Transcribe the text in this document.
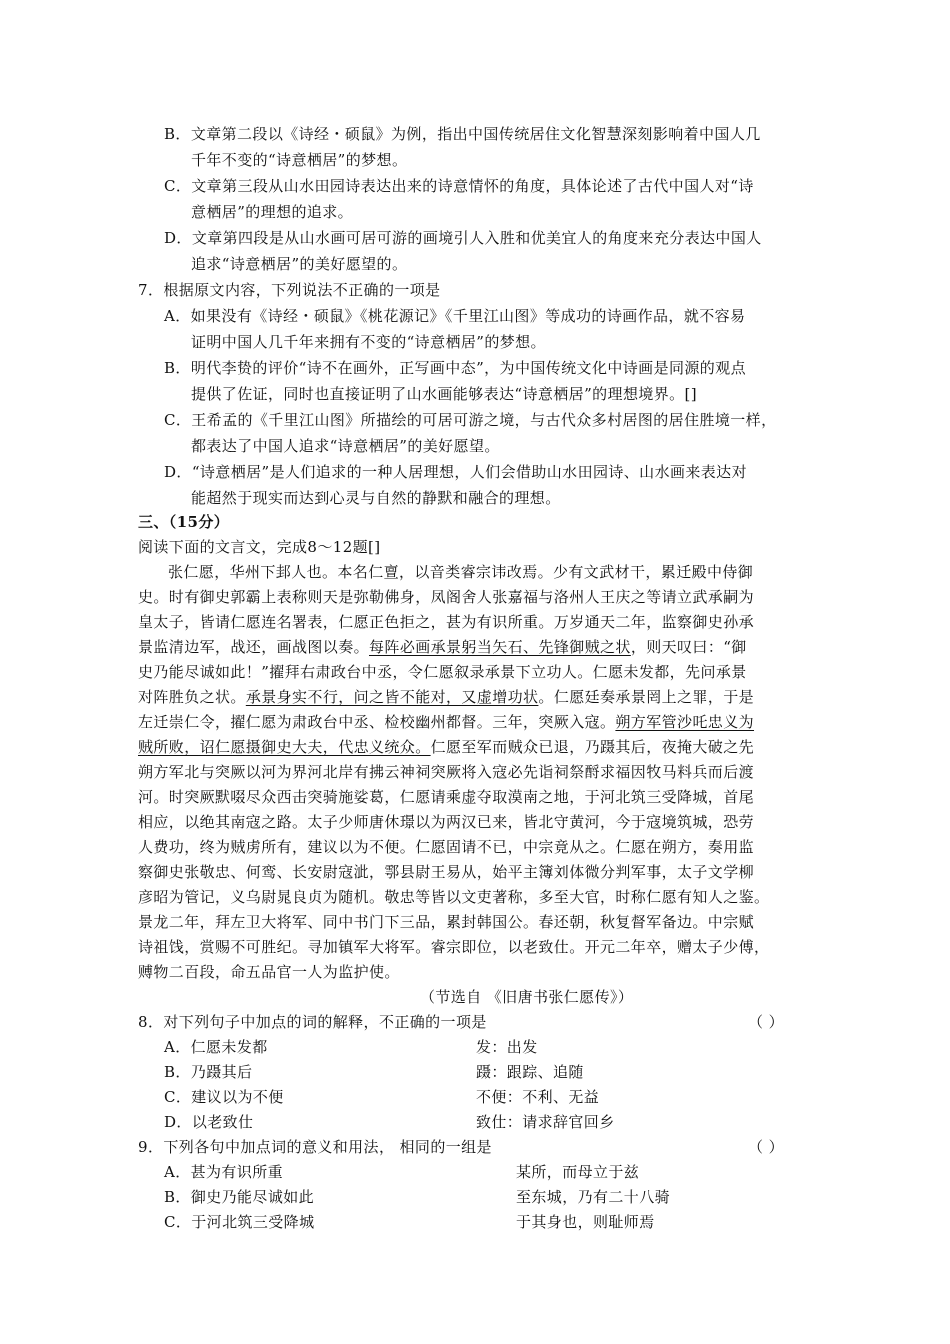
B．文章第二段以《诗经・硕鼠》为例，指出中国传统居住文化智慧深刻影响着中国人几
千年不变的“诗意栖居”的梦想。
C．文章第三段从山水田园诗表达出来的诗意情怀的角度，具体论述了古代中国人对“诗
意栖居”的理想的追求。
D．文章第四段是从山水画可居可游的画境引人入胜和优美宜人的角度来充分表达中国人
追求“诗意栖居”的美好愿望的。
7．根据原文内容，下列说法不正确的一项是
A．如果没有《诗经・硕鼠》《桃花源记》《千里江山图》等成功的诗画作品，就不容易
证明中国人几千年来拥有不变的“诗意栖居”的梦想。
B．明代李贽的评价“诗不在画外，正写画中态”，为中国传统文化中诗画是同源的观点
提供了佐证，同时也直接证明了山水画能够表达“诗意栖居”的理想境界。[]
C．王希孟的《千里江山图》所描绘的可居可游之境，与古代众多村居图的居住胜境一样，
都表达了中国人追求“诗意栖居”的美好愿望。
D．“诗意栖居”是人们追求的一种人居理想，人们会借助山水田园诗、山水画来表达对
能超然于现实而达到心灵与自然的静默和融合的理想。
三、（15分）
阅读下面的文言文，完成8～12题[]
张仁愿，华州下邽人也。本名仁亶，以音类睿宗讳改焉。少有文武材干，累迁殿中侍御
史。时有御史郭霸上表称则天是弥勒佛身，凤阁舍人张嘉福与洛州人王庆之等请立武承嗣为
皇太子，皆请仁愿连名署表，仁愿正色拒之，甚为有识所重。万岁通天二年，监察御史孙承
景监清边军，战还，画战图以奏。每阵必画承景躬当矢石、先锋御贼之状，则天叹曰：“御
史乃能尽诚如此！”擢拜右肃政台中丞，令仁愿叙录承景下立功人。仁愿未发都，先问承景
对阵胜负之状。承景身实不行，问之皆不能对，又虚增功状。仁愿廷奏承景罔上之罪，于是
左迁崇仁令，擢仁愿为肃政台中丞、检校幽州都督。三年，突厥入寇。朔方军管沙吒忠义为
贼所败，诏仁愿摄御史大夫，代忠义统众。仁愿至军而贼众已退，乃蹑其后，夜掩大破之先
朔方军北与突厥以河为界河北岸有拂云神祠突厥将入寇必先诣祠祭酹求福因牧马料兵而后渡
河。时突厥默啜尽众西击突骑施娑葛，仁愿请乘虚夺取漠南之地，于河北筑三受降城，首尾
相应，以绝其南寇之路。太子少师唐休璟以为两汉已来，皆北守黄河，今于寇境筑城，恐劳
人费功，终为贼虏所有，建议以为不便。仁愿固请不已，中宗竟从之。仁愿在朔方，奏用监
察御史张敬忠、何鸾、长安尉寇泚，鄠县尉王易从，始平主簿刘体微分判军事，太子文学柳
彦昭为管记，义乌尉晁良贞为随机。敬忠等皆以文吏著称，多至大官，时称仁愿有知人之鉴。
景龙二年，拜左卫大将军、同中书门下三品，累封韩国公。春还朝，秋复督军备边。中宗赋
诗祖饯，赏赐不可胜纪。寻加镇军大将军。睿宗即位，以老致仕。开元二年卒，赠太子少傅，
赙物二百段，命五品官一人为监护使。
（节选自 《旧唐书张仁愿传》）
8．对下列句子中加点的词的解释，不正确的一项是	（ ）
A．仁愿未发都	发：出发
B．乃蹑其后	蹑：跟踪、追随
C．建议以为不便	不便：不利、无益
D．以老致仕	致仕：请求辞官回乡
9．下列各句中加点词的意义和用法， 相同的一组是	（ ）
A．甚为有识所重	某所，而母立于兹
B．御史乃能尽诚如此	至东城，乃有二十八骑
C．于河北筑三受降城	于其身也，则耻师焉
